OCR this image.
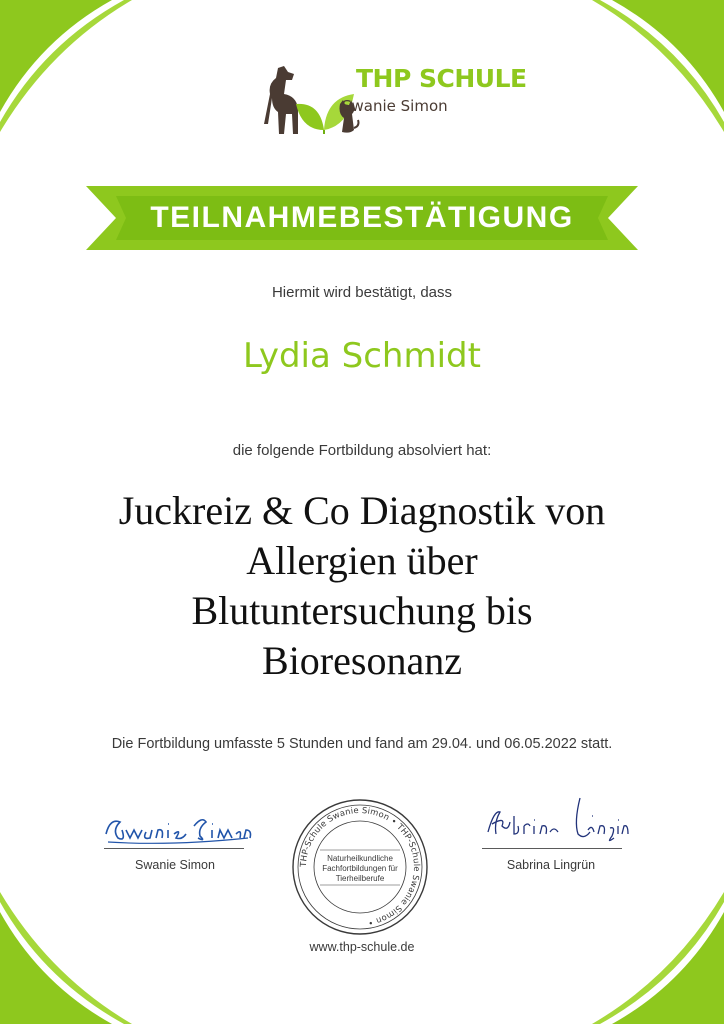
THP SCHULE
Swanie Simon
TEILNAHMEBESTÄTIGUNG
Hiermit wird bestätigt, dass
Lydia Schmidt
die folgende Fortbildung absolviert hat:
Juckreiz & Co Diagnostik von
Allergien über
Blutuntersuchung bis
Bioresonanz
Die Fortbildung umfasste 5 Stunden und fand am 29.04. und 06.05.2022 statt.
Swanie Simon	THP-Schule Swanie Simon • THP-Schule Swanie Simon •
Naturheilkundliche
Fachfortbildungen für
Tierheilberufe
Sabrina Lingrün
www.thp-schule.de
